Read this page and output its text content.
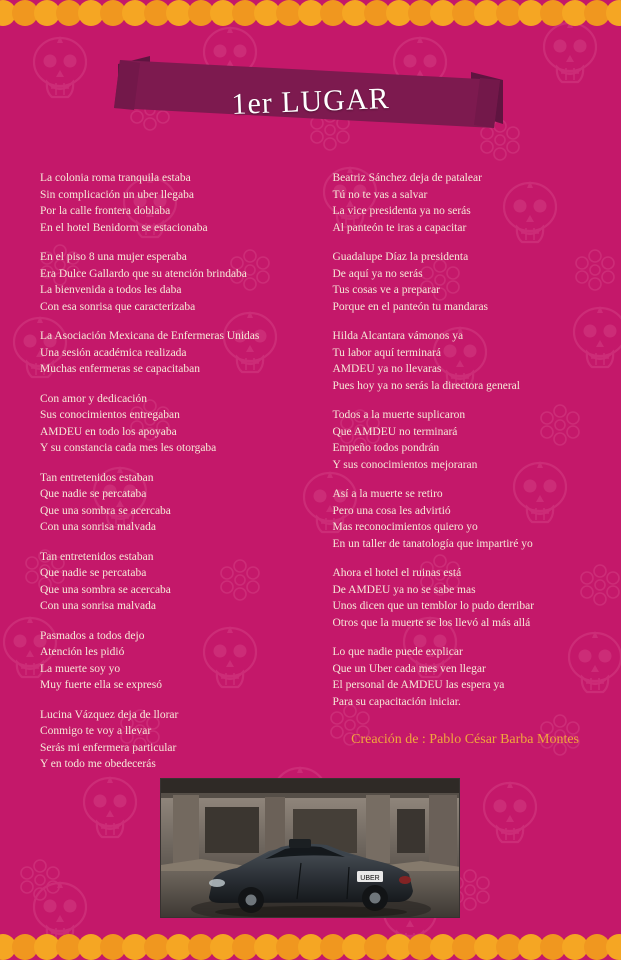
1er LUGAR
La colonia roma tranquila estaba
Sin complicación un uber llegaba
Por la calle frontera doblaba
En el hotel Benidorm se estacionaba
En el piso 8 una mujer esperaba
Era Dulce Gallardo que su atención brindaba
La bienvenida a todos les daba
Con esa sonrisa que caracterizaba
La Asociación Mexicana de Enfermeras Unidas
Una sesión académica realizada
Muchas enfermeras se capacitaban
Con amor y dedicación
Sus conocimientos entregaban
AMDEU en todo los apoyaba
Y su constancia cada mes les otorgaba
Tan entretenidos estaban
Que nadie se percataba
Que una sombra se acercaba
Con una sonrisa malvada
Tan entretenidos estaban
Que nadie se percataba
Que una sombra se acercaba
Con una sonrisa malvada
Pasmados a todos dejo
Atención les pidió
La muerte soy yo
Muy fuerte ella se expresó
Lucina Vázquez deja de llorar
Conmigo te voy a llevar
Serás mi enfermera particular
Y en todo me obedecerás
Beatriz Sánchez deja de patalear
Tú no te vas a salvar
La vice presidenta ya no serás
Al panteón te iras a capacitar
Guadalupe Díaz la presidenta
De aquí ya no serás
Tus cosas ve a preparar
Porque en el panteón tu mandaras
Hilda Alcantara vámonos ya
Tu labor aquí terminará
AMDEU ya no llevaras
Pues hoy ya no serás la directora general
Todos a la muerte suplicaron
Que AMDEU no terminará
Empeño todos pondrán
Y sus conocimientos mejoraran
Así a la muerte se retiro
Pero una cosa les advirtió
Mas reconocimientos quiero yo
En un taller de tanatología que impartiré yo
Ahora el hotel el ruinas está
De AMDEU ya no se sabe mas
Unos dicen que un temblor lo pudo derribar
Otros que la muerte se los llevó al más allá
Lo que nadie puede explicar
Que un Uber cada mes ven llegar
El personal de AMDEU las espera ya
Para su capacitación iniciar.
Creación de : Pablo César Barba Montes
UBER
